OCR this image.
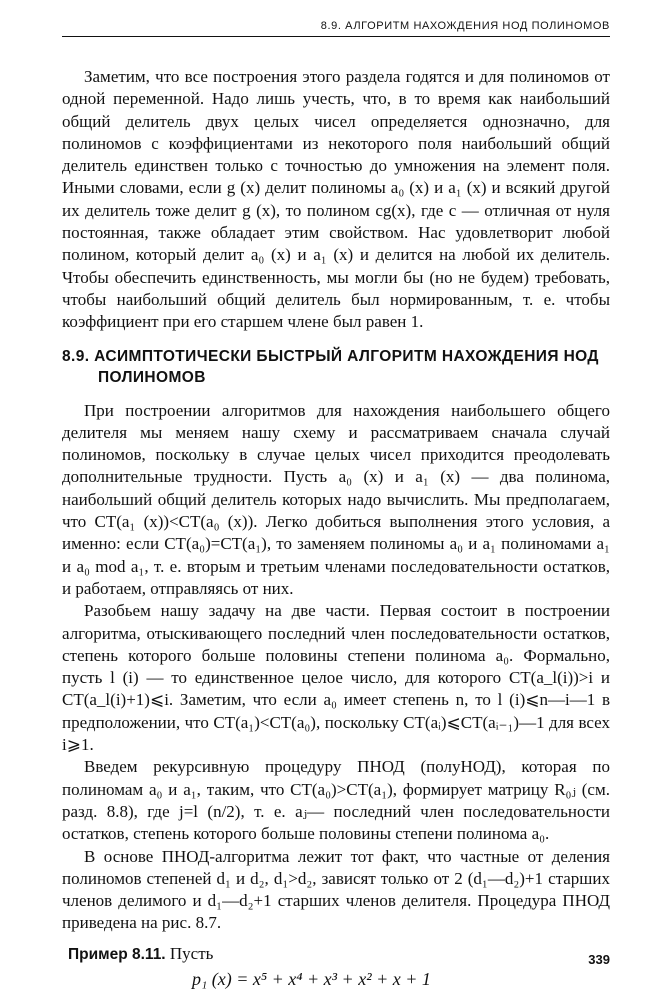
8.9. АЛГОРИТМ НАХОЖДЕНИЯ НОД ПОЛИНОМОВ

Заметим, что все построения этого раздела годятся и для полиномов от одной переменной. Надо лишь учесть, что, в то время как наибольший общий делитель двух целых чисел определяется однозначно, для полиномов с коэффициентами из некоторого поля наибольший общий делитель единствен только с точностью до умножения на элемент поля. Иными словами, если g (x) делит полиномы a₀ (x) и a₁ (x) и всякий другой их делитель тоже делит g (x), то полином cg(x), где c — отличная от нуля постоянная, также обладает этим свойством. Нас удовлетворит любой полином, который делит a₀ (x) и a₁ (x) и делится на любой их делитель. Чтобы обеспечить единственность, мы могли бы (но не будем) требовать, чтобы наибольший общий делитель был нормированным, т. е. чтобы коэффициент при его старшем члене был равен 1.

8.9. АСИМПТОТИЧЕСКИ БЫСТРЫЙ АЛГОРИТМ НАХОЖДЕНИЯ НОД ПОЛИНОМОВ

При построении алгоритмов для нахождения наибольшего общего делителя мы меняем нашу схему и рассматриваем сначала случай полиномов, поскольку в случае целых чисел приходится преодолевать дополнительные трудности. Пусть a₀ (x) и a₁ (x) — два полинома, наибольший общий делитель которых надо вычислить. Мы предполагаем, что СТ(a₁ (x))<СТ(a₀ (x)). Легко добиться выполнения этого условия, а именно: если СТ(a₀)=СТ(a₁), то заменяем полиномы a₀ и a₁ полиномами a₁ и a₀ mod a₁, т. е. вторым и третьим членами последовательности остатков, и работаем, отправляясь от них.

Разобьем нашу задачу на две части. Первая состоит в построении алгоритма, отыскивающего последний член последовательности остатков, степень которого больше половины степени полинома a₀. Формально, пусть l (i) — то единственное целое число, для которого СТ(a_l(i))>i и СТ(a_l(i)+1)⩽i. Заметим, что если a₀ имеет степень n, то l (i)⩽n—i—1 в предположении, что СТ(a₁)<СТ(a₀), поскольку СТ(aᵢ)⩽СТ(aᵢ₋₁)—1 для всех i⩾1.

Введем рекурсивную процедуру ПНОД (полуНОД), которая по полиномам a₀ и a₁, таким, что СТ(a₀)>СТ(a₁), формирует матрицу R₀ⱼ (см. разд. 8.8), где j=l (n/2), т. е. aⱼ— последний член последовательности остатков, степень которого больше половины степени полинома a₀.

В основе ПНОД-алгоритма лежит тот факт, что частные от деления полиномов степеней d₁ и d₂, d₁>d₂, зависят только от 2 (d₁—d₂)+1 старших членов делимого и d₁—d₂+1 старших членов делителя. Процедура ПНОД приведена на рис. 8.7.

Пример 8.11. Пусть
p₁ (x) = x⁵ + x⁴ + x³ + x² + x + 1
339
